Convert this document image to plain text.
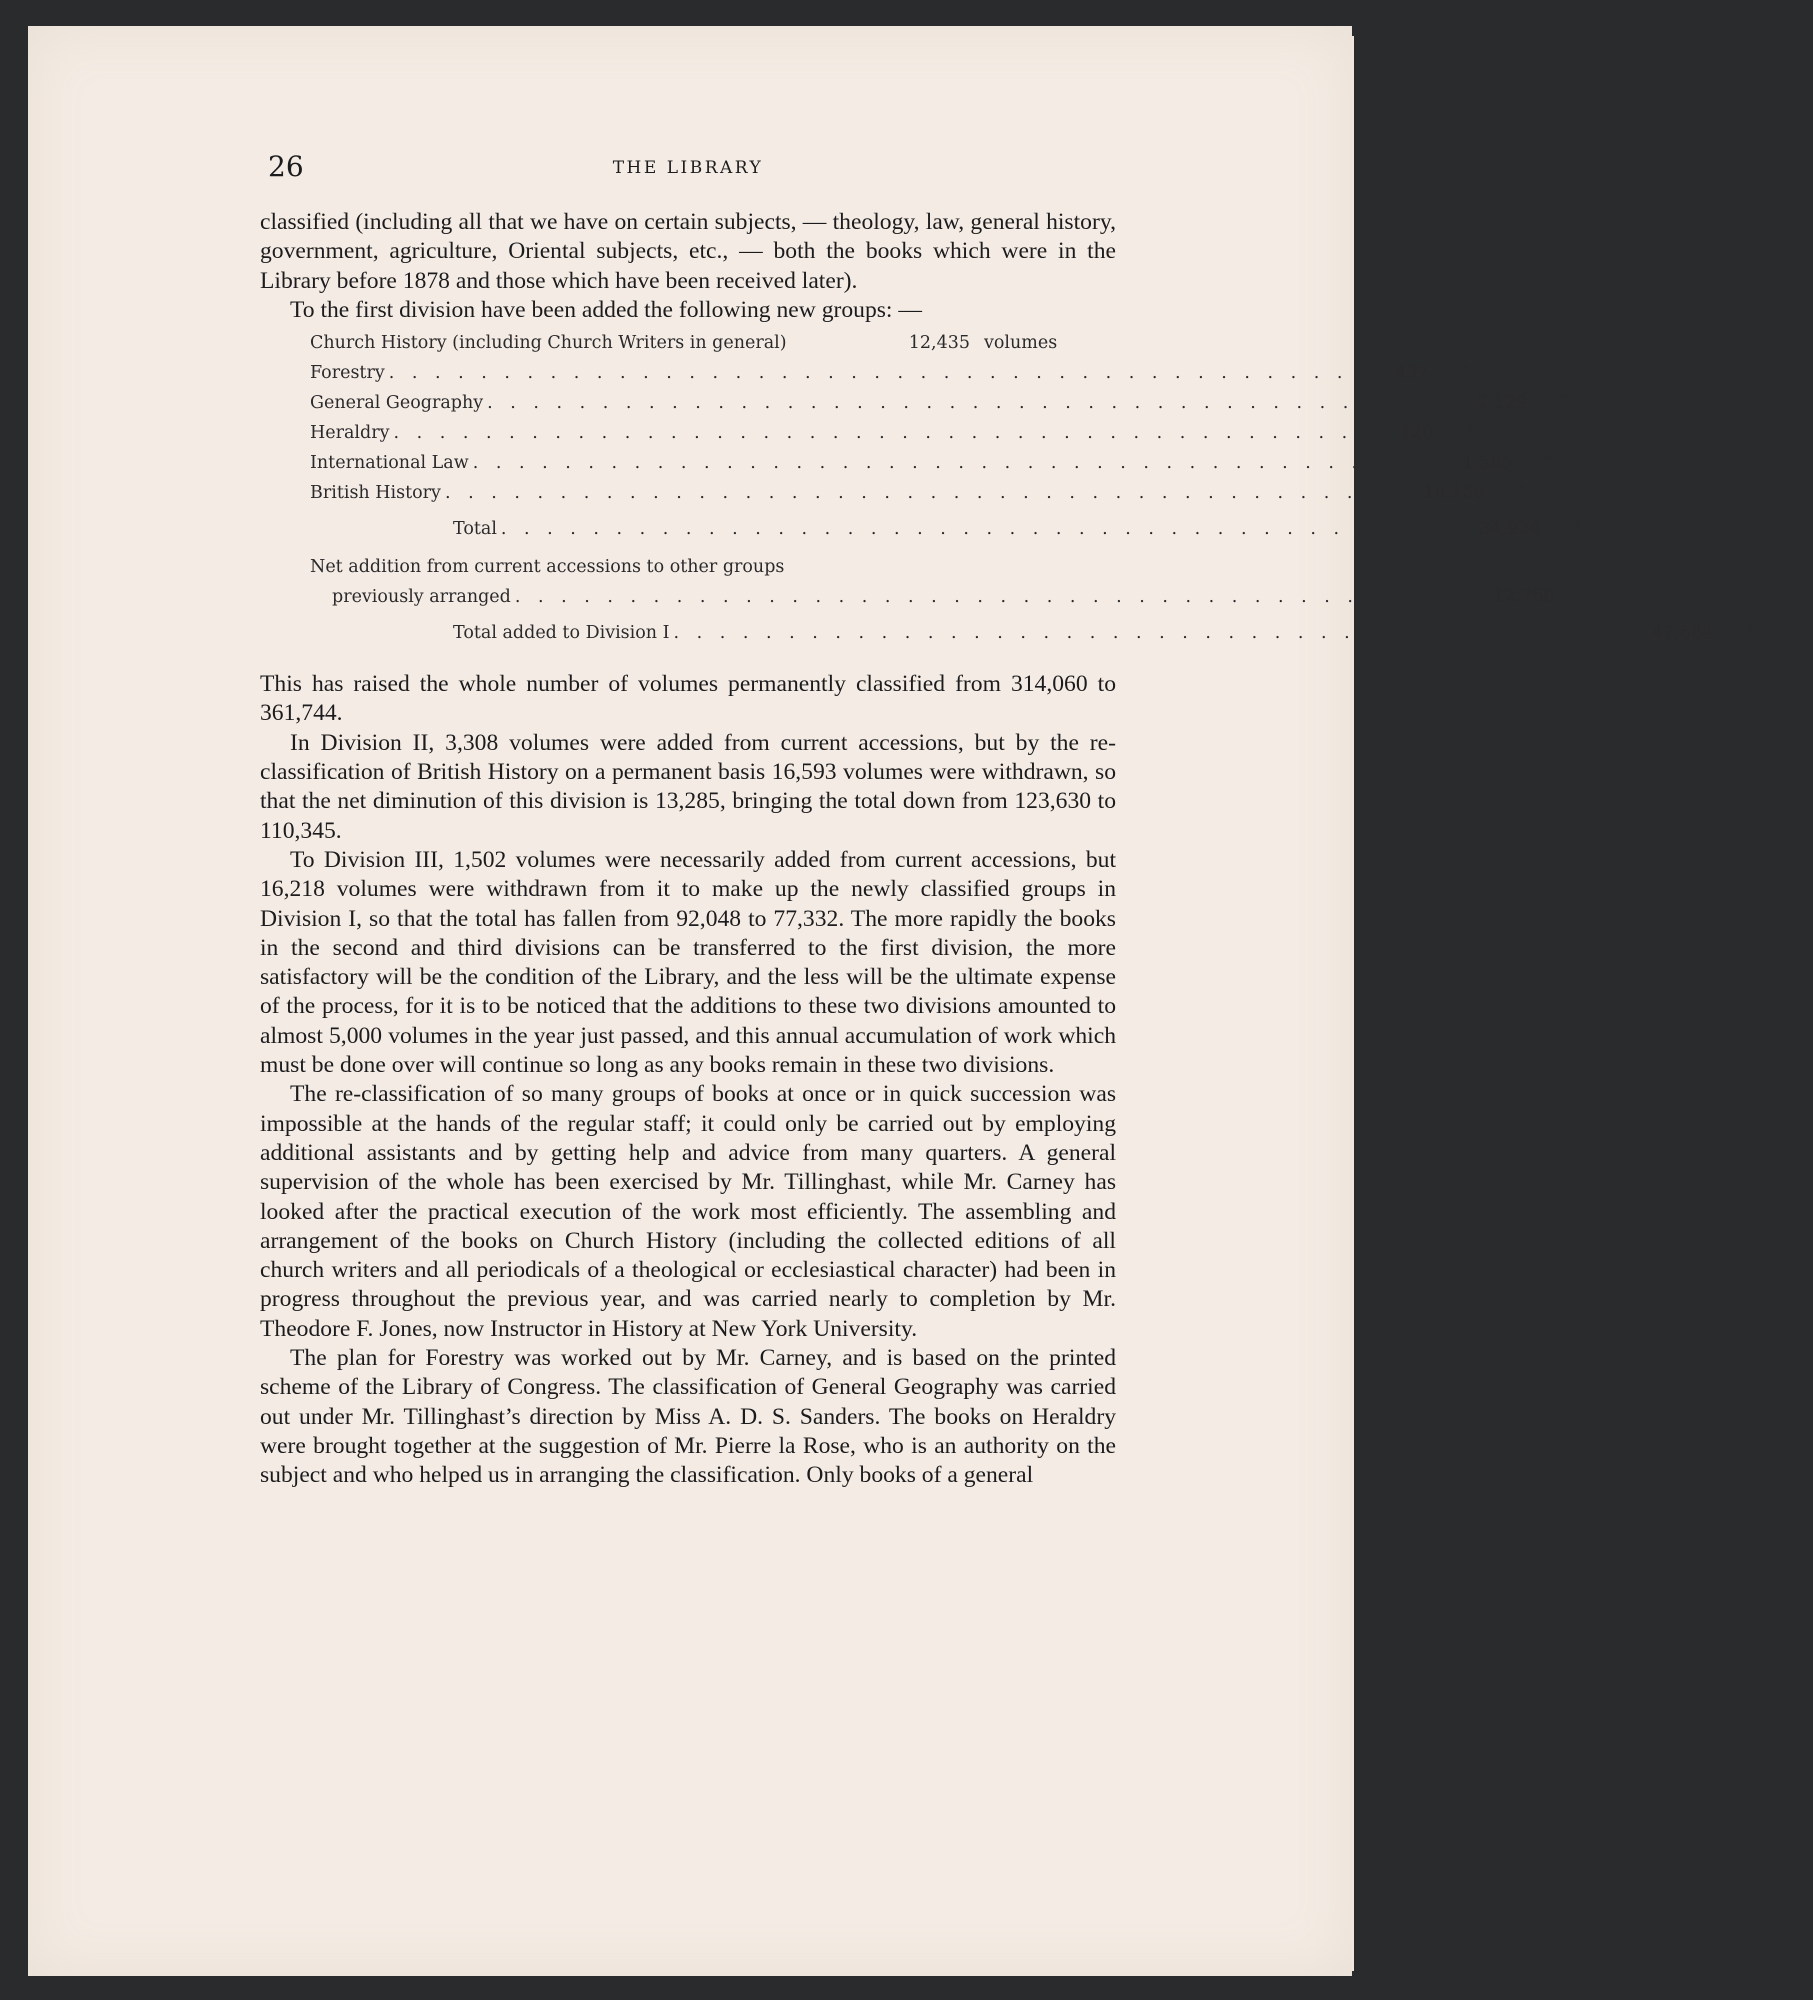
26	THE LIBRARY

classified (including all that we have on certain subjects, — theology, law, general history, government, agriculture, Oriental subjects, etc., — both the books which were in the Library before 1878 and those which have been received later).

To the first division have been added the following new groups: —

Church History (including Church Writers in general)	12,435 volumes
Forestry . . . . . . . . . . . . . . . . . . . . . . . . . . . . . . . . . . . . . . . . . .	497	“
General Geography . . . . . . . . . . . . . . . . . . . . . . . . . . . . . . . . . . . . . . . . . .	2,129	“
Heraldry . . . . . . . . . . . . . . . . . . . . . . . . . . . . . . . . . . . . . . . . . .	120	“
International Law . . . . . . . . . . . . . . . . . . . . . . . . . . . . . . . . . . . . . . . . . .	1,585	“
British History . . . . . . . . . . . . . . . . . . . . . . . . . . . . . . . . . . . . . . . . . .	18,158	“
Total . . . . . . . . . . . . . . . . . . . . . . . . . . . . . . . . . . . . . . . . . .	34,924	“
Net addition from current accessions to other groups
previously arranged . . . . . . . . . . . . . . . . . . . . . . . . . . . . . . . . . . . . . . . . . .	12,760	“
Total added to Division I . . . . . . . . . . . . . . . . . . . . . . . . . . . . . . . . . . . . . . . . . .	47,684	“

This has raised the whole number of volumes permanently classified from 314,060 to 361,744.

In Division II, 3,308 volumes were added from current accessions, but by the re-classification of British History on a permanent basis 16,593 volumes were withdrawn, so that the net diminution of this division is 13,285, bringing the total down from 123,630 to 110,345.

To Division III, 1,502 volumes were necessarily added from current accessions, but 16,218 volumes were withdrawn from it to make up the newly classified groups in Division I, so that the total has fallen from 92,048 to 77,332. The more rapidly the books in the second and third divisions can be transferred to the first division, the more satisfactory will be the condition of the Library, and the less will be the ultimate expense of the process, for it is to be noticed that the additions to these two divisions amounted to almost 5,000 volumes in the year just passed, and this annual accumulation of work which must be done over will continue so long as any books remain in these two divisions.

The re-classification of so many groups of books at once or in quick succession was impossible at the hands of the regular staff; it could only be carried out by employing additional assistants and by getting help and advice from many quarters. A general supervision of the whole has been exercised by Mr. Tillinghast, while Mr. Carney has looked after the practical execution of the work most efficiently. The assembling and arrangement of the books on Church History (including the collected editions of all church writers and all periodicals of a theological or ecclesiastical character) had been in progress throughout the previous year, and was carried nearly to completion by Mr. Theodore F. Jones, now Instructor in History at New York University.

The plan for Forestry was worked out by Mr. Carney, and is based on the printed scheme of the Library of Congress. The classification of General Geography was carried out under Mr. Tillinghast’s direction by Miss A. D. S. Sanders. The books on Heraldry were brought together at the suggestion of Mr. Pierre la Rose, who is an authority on the subject and who helped us in arranging the classification. Only books of a general
